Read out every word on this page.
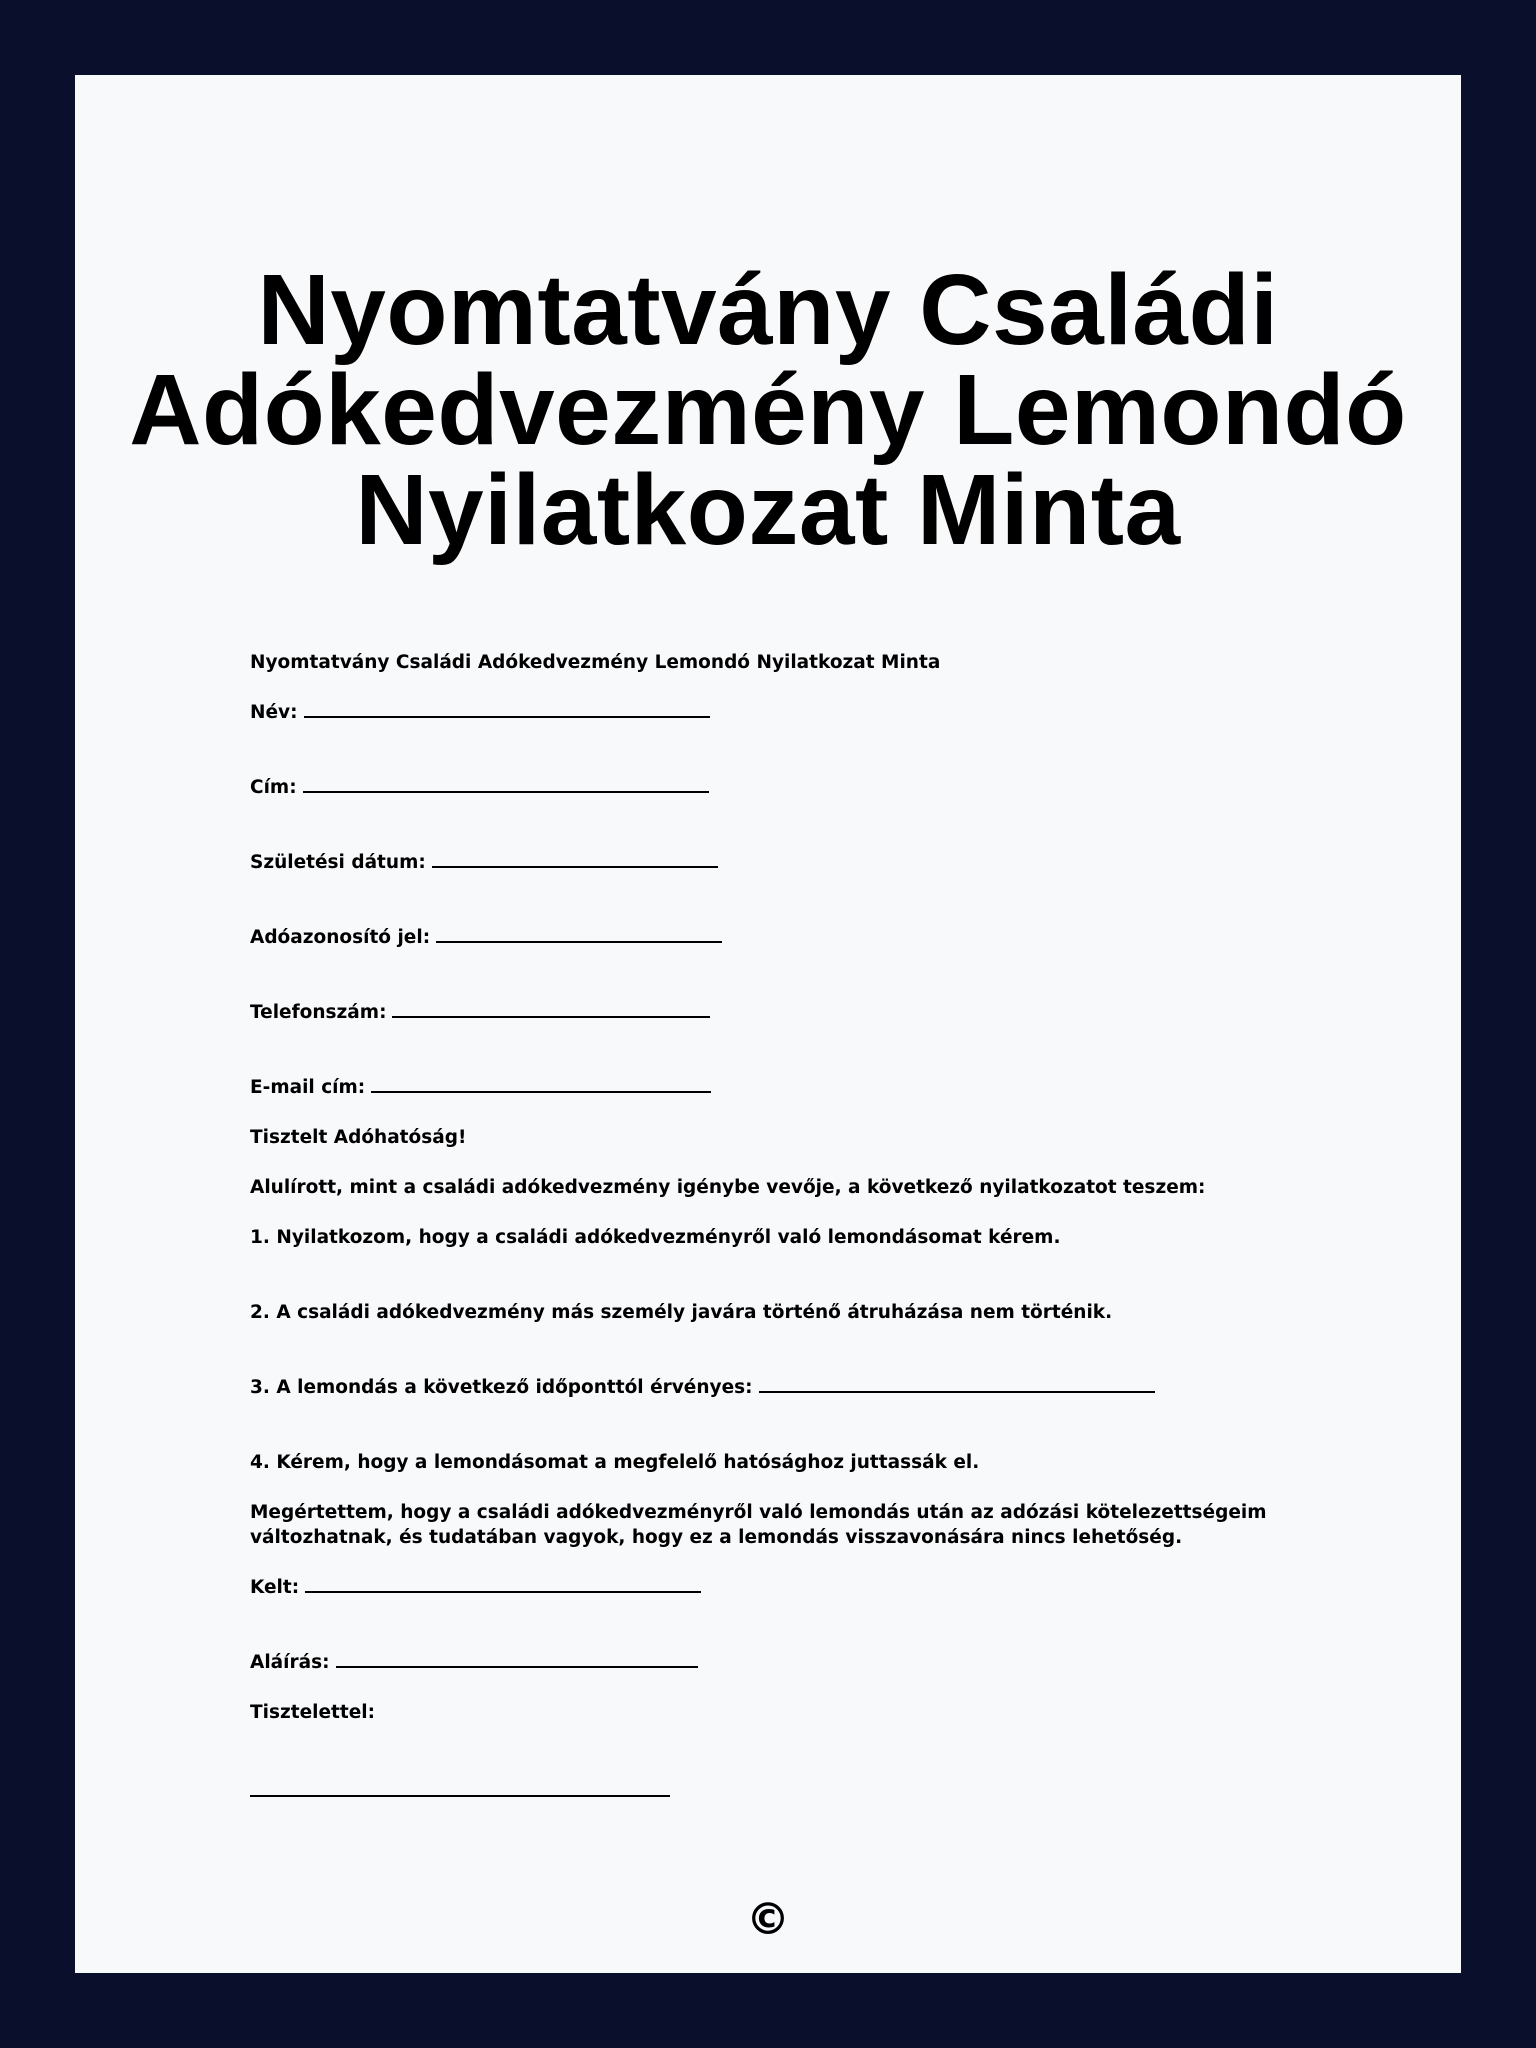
Nyomtatvány Családi
Adókedvezmény Lemondó
Nyilatkozat Minta
Nyomtatvány Családi Adókedvezmény Lemondó Nyilatkozat Minta
Név:
Cím:
Születési dátum:
Adóazonosító jel:
Telefonszám:
E-mail cím:
Tisztelt Adóhatóság!
Alulírott, mint a családi adókedvezmény igénybe vevője, a következő nyilatkozatot teszem:
1. Nyilatkozom, hogy a családi adókedvezményről való lemondásomat kérem.
2. A családi adókedvezmény más személy javára történő átruházása nem történik.
3. A lemondás a következő időponttól érvényes:
4. Kérem, hogy a lemondásomat a megfelelő hatósághoz juttassák el.
Megértettem, hogy a családi adókedvezményről való lemondás után az adózási kötelezettségeim
változhatnak, és tudatában vagyok, hogy ez a lemondás visszavonására nincs lehetőség.
Kelt:
Aláírás:
Tisztelettel:
©
